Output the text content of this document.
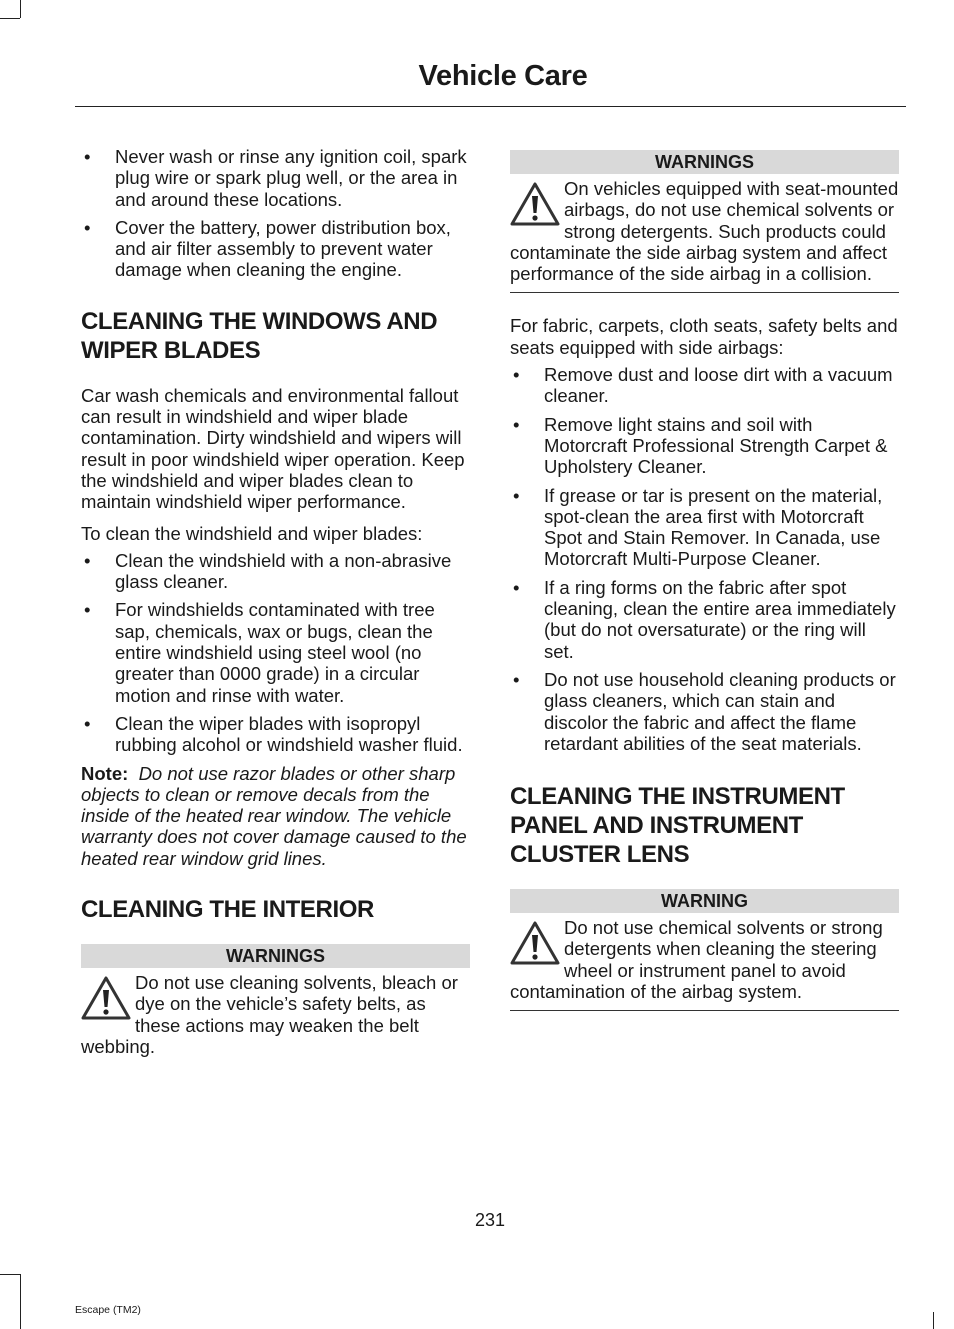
Vehicle Care
• Never wash or rinse any ignition coil, spark plug wire or spark plug well, or the area in and around these locations.
• Cover the battery, power distribution box, and air filter assembly to prevent water damage when cleaning the engine.
CLEANING THE WINDOWS AND WIPER BLADES

Car wash chemicals and environmental fallout can result in windshield and wiper blade contamination. Dirty windshield and wipers will result in poor windshield wiper operation. Keep the windshield and wiper blades clean to maintain windshield wiper performance.

To clean the windshield and wiper blades:

• Clean the windshield with a non-abrasive glass cleaner.
• For windshields contaminated with tree sap, chemicals, wax or bugs, clean the entire windshield using steel wool (no greater than 0000 grade) in a circular motion and rinse with water.
• Clean the wiper blades with isopropyl rubbing alcohol or windshield washer fluid.

Note: Do not use razor blades or other sharp objects to clean or remove decals from the inside of the heated rear window. The vehicle warranty does not cover damage caused to the heated rear window grid lines.

CLEANING THE INTERIOR
WARNINGS

Do not use cleaning solvents, bleach or dye on the vehicle’s safety belts, as these actions may weaken the belt webbing.

WARNINGS

On vehicles equipped with seat-mounted airbags, do not use chemical solvents or strong detergents. Such products could contaminate the side airbag system and affect performance of the side airbag in a collision.

For fabric, carpets, cloth seats, safety belts and seats equipped with side airbags:

• Remove dust and loose dirt with a vacuum cleaner.
• Remove light stains and soil with Motorcraft Professional Strength Carpet & Upholstery Cleaner.
• If grease or tar is present on the material, spot-clean the area first with Motorcraft Spot and Stain Remover. In Canada, use Motorcraft Multi-Purpose Cleaner.
• If a ring forms on the fabric after spot cleaning, clean the entire area immediately (but do not oversaturate) or the ring will set.
• Do not use household cleaning products or glass cleaners, which can stain and discolor the fabric and affect the flame retardant abilities of the seat materials.
CLEANING THE INSTRUMENT PANEL AND INSTRUMENT CLUSTER LENS
WARNING

Do not use chemical solvents or strong detergents when cleaning the steering wheel or instrument panel to avoid contamination of the airbag system.

231
Escape (TM2)
